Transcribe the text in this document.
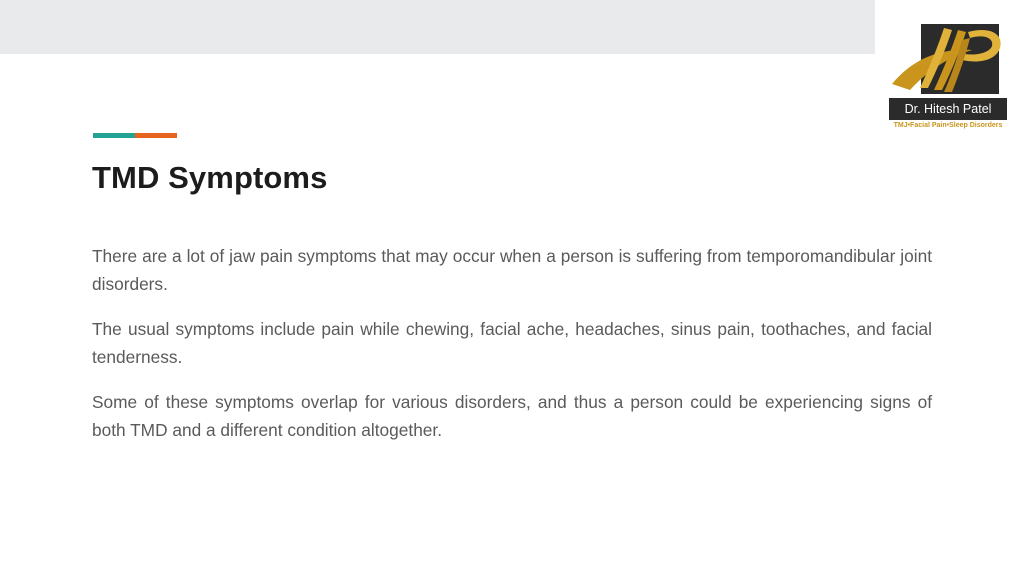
Dr. Hitesh Patel
TMJ•Facial Pain•Sleep Disorders
TMD Symptoms

There are a lot of jaw pain symptoms that may occur when a person is suffering from temporomandibular joint disorders.

The usual symptoms include pain while chewing, facial ache, headaches, sinus pain, toothaches, and facial tenderness.

Some of these symptoms overlap for various disorders, and thus a person could be experiencing signs of both TMD and a different condition altogether.
